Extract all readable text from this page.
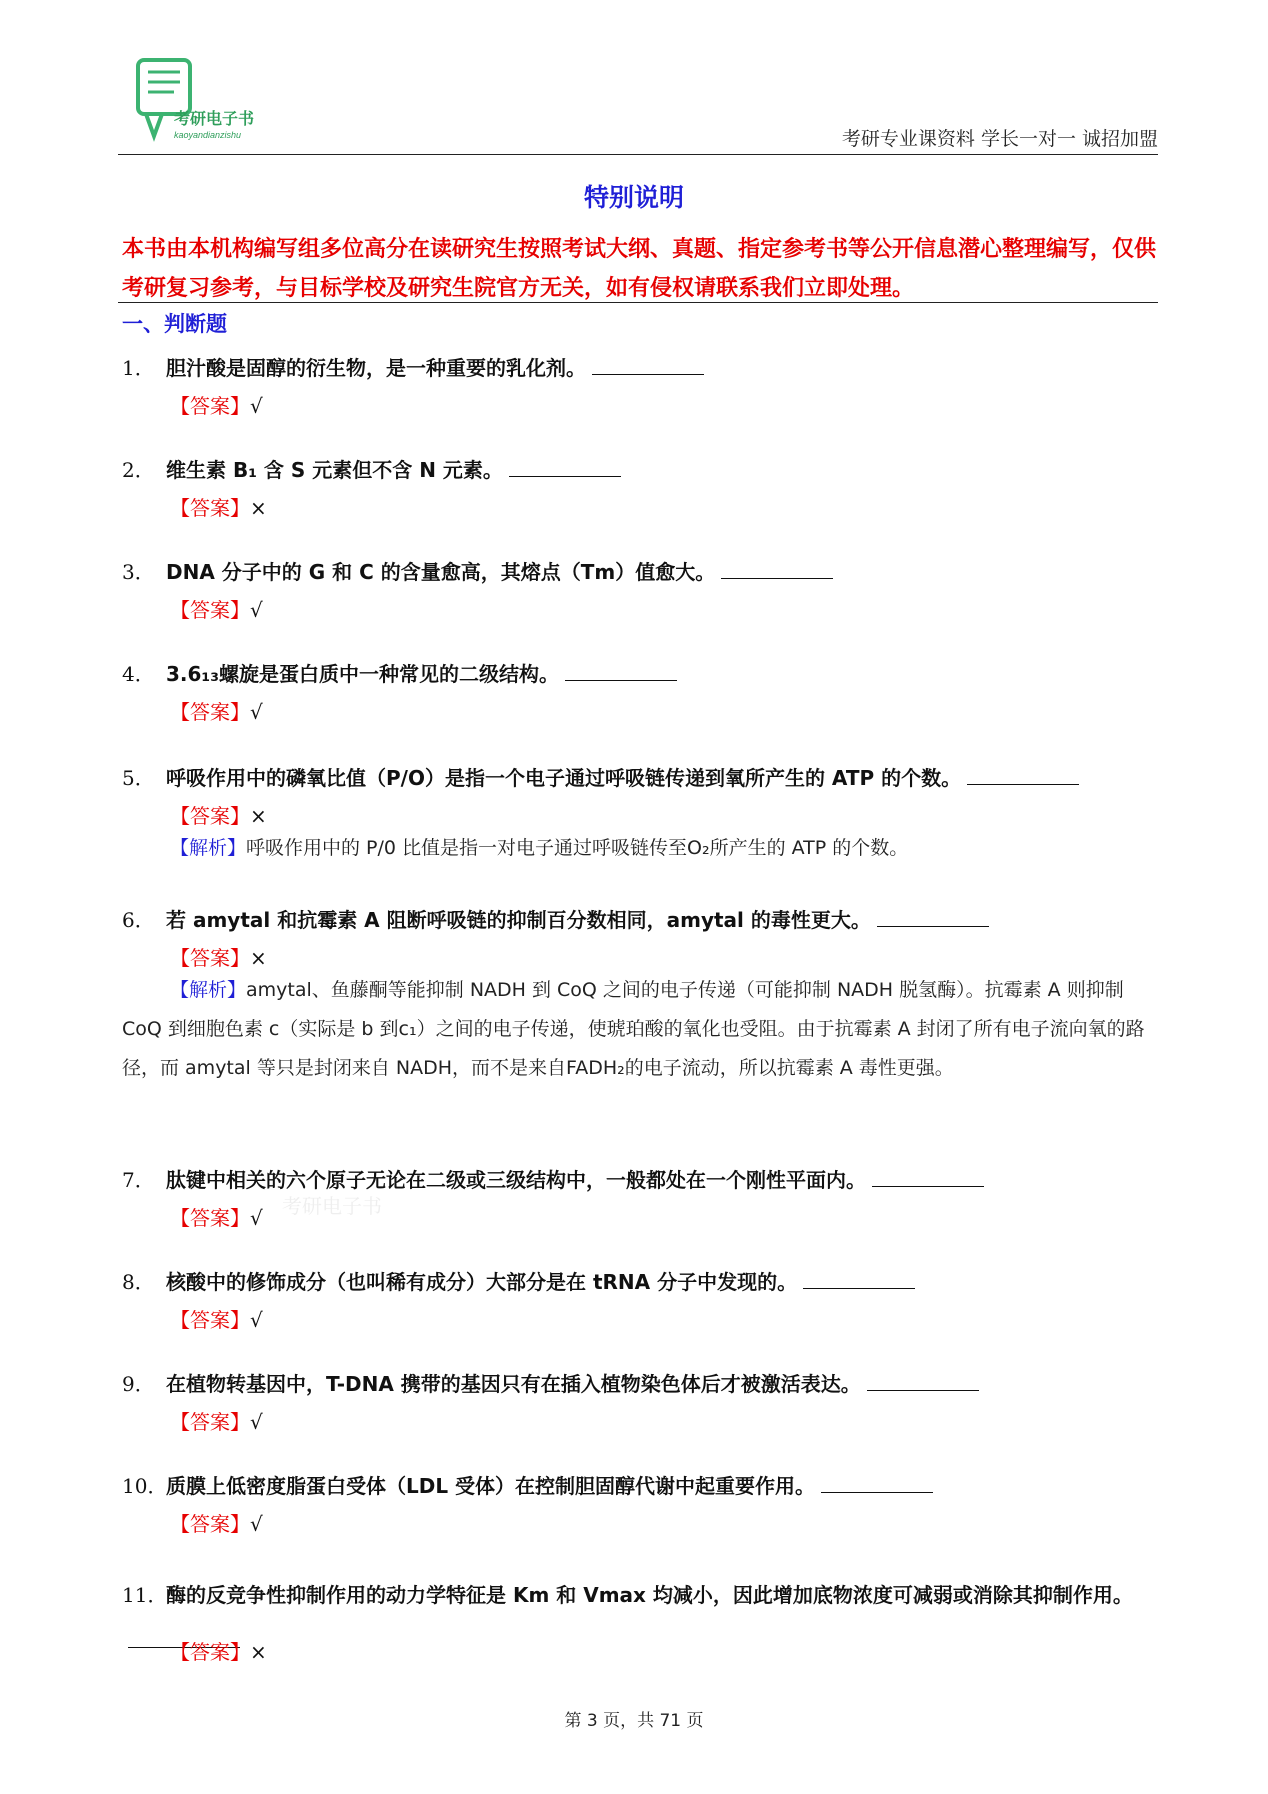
考研电子书
kaoyandianzishu	考研专业课资料 学长一对一 诚招加盟
特别说明
本书由本机构编写组多位高分在读研究生按照考试大纲、真题、指定参考书等公开信息潜心整理编写，仅供考研复习参考，与目标学校及研究生院官方无关，如有侵权请联系我们立即处理。
一、判断题
1． 胆汁酸是固醇的衍生物，是一种重要的乳化剂。
【答案】√
2． 维生素 B₁ 含 S 元素但不含 N 元素。
【答案】×
3． DNA 分子中的 G 和 C 的含量愈高，其熔点（Tm）值愈大。
【答案】√
4． 3.6₁₃螺旋是蛋白质中一种常见的二级结构。
【答案】√
5． 呼吸作用中的磷氧比值（P/O）是指一个电子通过呼吸链传递到氧所产生的 ATP 的个数。
【答案】×
【解析】呼吸作用中的 P/0 比值是指一对电子通过呼吸链传至O₂所产生的 ATP 的个数。
6． 若 amytal 和抗霉素 A 阻断呼吸链的抑制百分数相同，amytal 的毒性更大。
【答案】×
【解析】amytal、鱼藤酮等能抑制 NADH 到 CoQ 之间的电子传递（可能抑制 NADH 脱氢酶）。抗霉素 A 则抑制 CoQ 到细胞色素 c（实际是 b 到c₁）之间的电子传递，使琥珀酸的氧化也受阻。由于抗霉素 A 封闭了所有电子流向氧的路径，而 amytal 等只是封闭来自 NADH，而不是来自FADH₂的电子流动，所以抗霉素 A 毒性更强。
7． 肽键中相关的六个原子无论在二级或三级结构中，一般都处在一个刚性平面内。
【答案】√ 考研电子书
8． 核酸中的修饰成分（也叫稀有成分）大部分是在 tRNA 分子中发现的。
【答案】√
9． 在植物转基因中，T-DNA 携带的基因只有在插入植物染色体后才被激活表达。
【答案】√
10．质膜上低密度脂蛋白受体（LDL 受体）在控制胆固醇代谢中起重要作用。
【答案】√
11．酶的反竞争性抑制作用的动力学特征是 Km 和 Vmax 均减小，因此增加底物浓度可减弱或消除其抑制作用。
【答案】×
第 3 页，共 71 页
